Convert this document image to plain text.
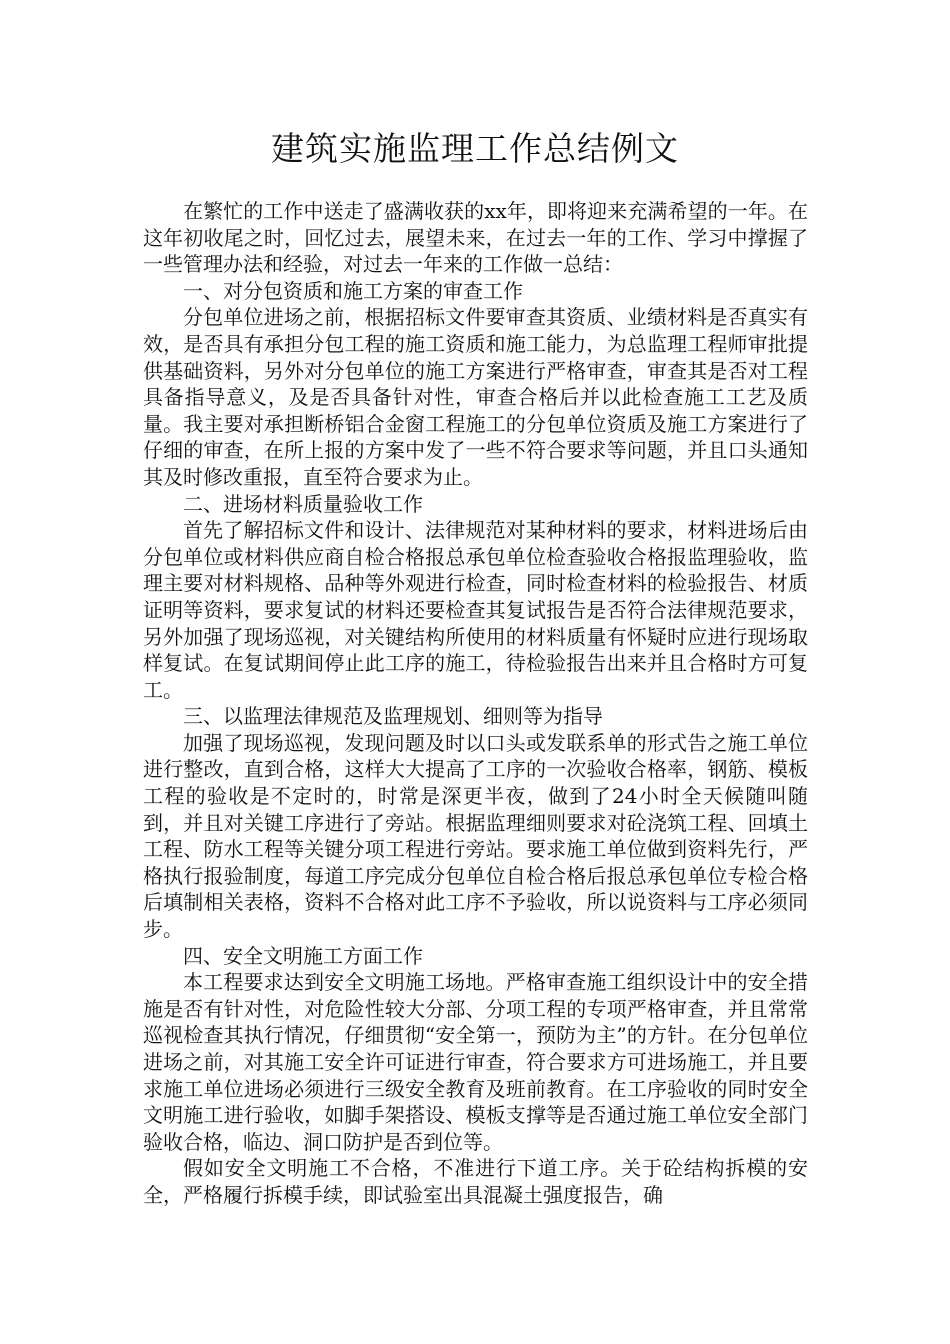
建筑实施监理工作总结例文

在繁忙的工作中送走了盛满收获的xx年，即将迎来充满希望的一年。在这年初收尾之时，回忆过去，展望未来，在过去一年的工作、学习中撑握了一些管理办法和经验，对过去一年来的工作做一总结：

一、对分包资质和施工方案的审查工作

分包单位进场之前，根据招标文件要审查其资质、业绩材料是否真实有效，是否具有承担分包工程的施工资质和施工能力，为总监理工程师审批提供基础资料，另外对分包单位的施工方案进行严格审查，审查其是否对工程具备指导意义，及是否具备针对性，审查合格后并以此检查施工工艺及质量。我主要对承担断桥铝合金窗工程施工的分包单位资质及施工方案进行了仔细的审查，在所上报的方案中发了一些不符合要求等问题，并且口头通知其及时修改重报，直至符合要求为止。

二、进场材料质量验收工作

首先了解招标文件和设计、法律规范对某种材料的要求，材料进场后由分包单位或材料供应商自检合格报总承包单位检查验收合格报监理验收，监理主要对材料规格、品种等外观进行检查，同时检查材料的检验报告、材质证明等资料，要求复试的材料还要检查其复试报告是否符合法律规范要求，另外加强了现场巡视，对关键结构所使用的材料质量有怀疑时应进行现场取样复试。在复试期间停止此工序的施工，待检验报告出来并且合格时方可复工。

三、以监理法律规范及监理规划、细则等为指导

加强了现场巡视，发现问题及时以口头或发联系单的形式告之施工单位进行整改，直到合格，这样大大提高了工序的一次验收合格率，钢筋、模板工程的验收是不定时的，时常是深更半夜，做到了24小时全天候随叫随到，并且对关键工序进行了旁站。根据监理细则要求对砼浇筑工程、回填土工程、防水工程等关键分项工程进行旁站。要求施工单位做到资料先行，严格执行报验制度，每道工序完成分包单位自检合格后报总承包单位专检合格后填制相关表格，资料不合格对此工序不予验收，所以说资料与工序必须同步。

四、安全文明施工方面工作

本工程要求达到安全文明施工场地。严格审查施工组织设计中的安全措施是否有针对性，对危险性较大分部、分项工程的专项严格审查，并且常常巡视检查其执行情况，仔细贯彻“安全第一，预防为主”的方针。在分包单位进场之前，对其施工安全许可证进行审查，符合要求方可进场施工，并且要求施工单位进场必须进行三级安全教育及班前教育。在工序验收的同时安全文明施工进行验收，如脚手架搭设、模板支撑等是否通过施工单位安全部门验收合格，临边、洞口防护是否到位等。

假如安全文明施工不合格，不准进行下道工序。关于砼结构拆模的安全，严格履行拆模手续，即试验室出具混凝土强度报告，确
